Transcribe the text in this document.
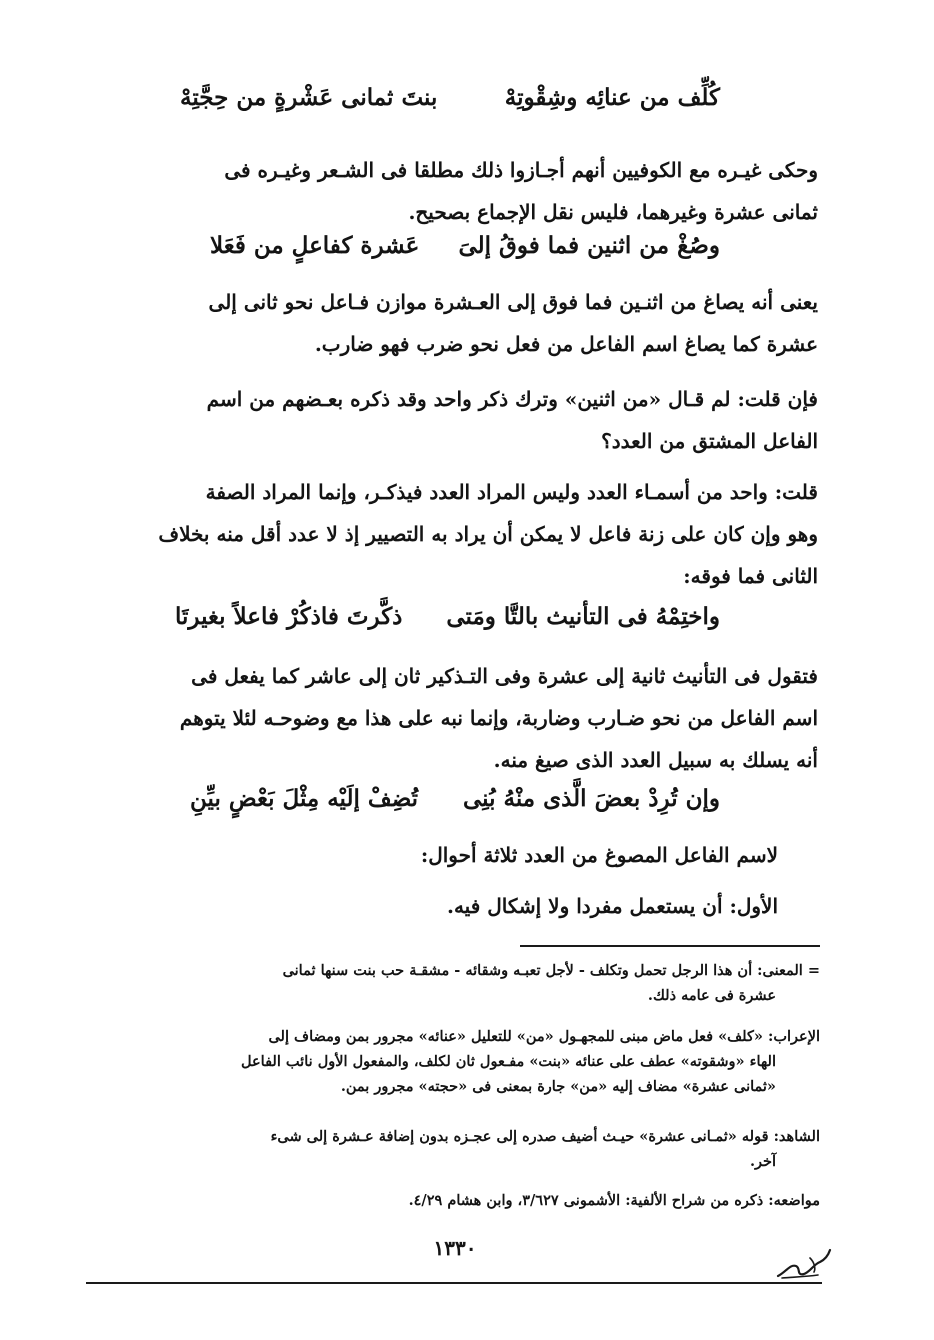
كُلِّف من عنائِه وشِقْوتِهْ
بنتَ ثمانى عَشْرةٍ من حِجَّتِهْ
وحكى غيـره مع الكوفيين أنهم أجـازوا ذلك مطلقا فى الشـعر وغيـره فى
ثمانى عشرة وغيرهما، فليس نقل الإجماع بصحيح.
وصُغْ من اثنين فما فوقُ إلىَ
عَشرة كفاعلٍ من فَعَلا
يعنى أنه يصاغ من اثنـين فما فوق إلى العـشرة موازن فـاعل نحو ثانى إلى
عشرة كما يصاغ اسم الفاعل من فعل نحو ضرب فهو ضارب.
فإن قلت: لم قـال «من اثنين» وترك ذكر واحد وقد ذكره بعـضهم من اسم
الفاعل المشتق من العدد؟
قلت: واحد من أسمـاء العدد وليس المراد العدد فيذكـر، وإنما المراد الصفة
وهو وإن كان على زنة فاعل لا يمكن أن يراد به التصيير إذ لا عدد أقل منه بخلاف
الثانى فما فوقه:
واختِمْهُ فى التأنيث بالتَّا ومَتى
ذكَّرتَ فاذكُرْ فاعلاً بغيرتَا
فتقول فى التأنيث ثانية إلى عشرة وفى التـذكير ثان إلى عاشر كما يفعل فى
اسم الفاعل من نحو ضـارب وضاربة، وإنما نبه على هذا مع وضوحـه لئلا يتوهم
أنه يسلك به سبيل العدد الذى صيغ منه.
وإن تُرِدْ بعضَ الَّذى منْهُ بُنِى
تُضِفْ إلَيْه مِثْلَ بَعْضٍ بيِّنِ
لاسم الفاعل المصوغ من العدد ثلاثة أحوال:
الأول: أن يستعمل مفردا ولا إشكال فيه.
= المعنى: أن هذا الرجل تحمل وتكلف - لأجل تعبـه وشقائه - مشقـة حب بنت سنها ثمانى
عشرة فى عامه ذلك.
الإعراب: «كلف» فعل ماض مبنى للمجهـول «من» للتعليل «عنائه» مجرور بمن ومضاف إلى
الهاء «وشقوته» عطف على عنائه «بنت» مفـعول ثان لكلف، والمفعول الأول نائب الفاعل
«ثمانى عشرة» مضاف إليه «من» جارة بمعنى فى «حجته» مجرور بمن.
الشاهد: قوله «ثمـانى عشرة» حيـث أضيف صدره إلى عجـزه بدون إضافة عـشرة إلى شىء
آخر.
مواضعه: ذكره من شراح الألفية: الأشمونى ٣/٦٢٧، وابن هشام ٤/٢٩.
١٣٣٠
